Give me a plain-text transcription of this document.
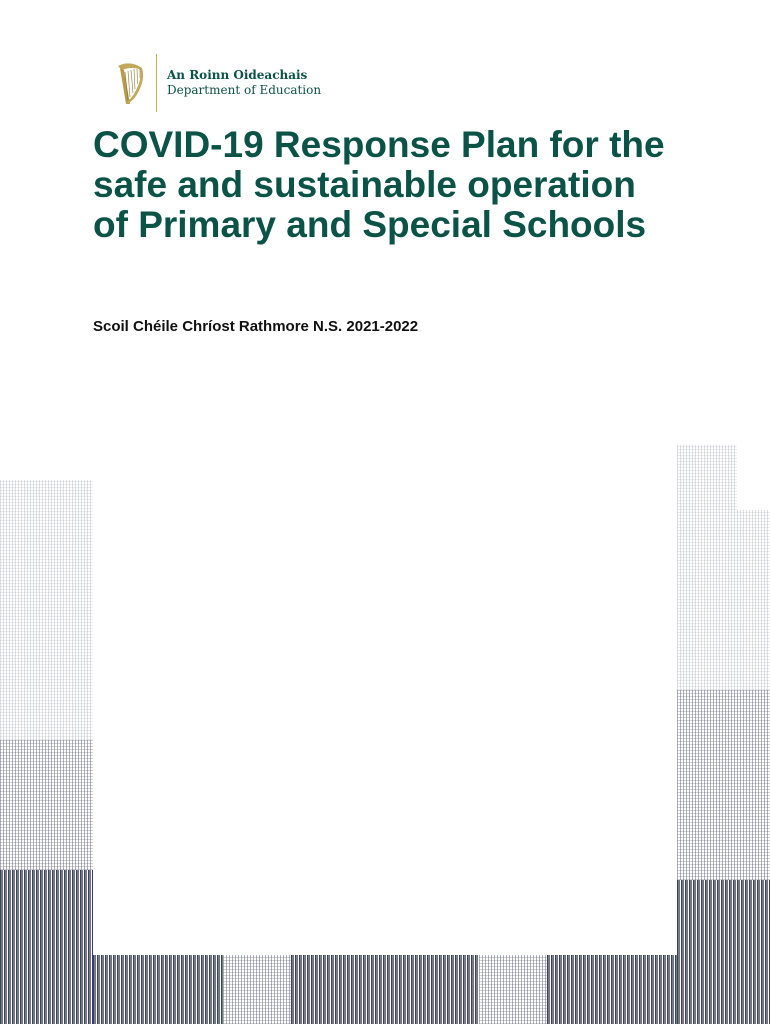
An Roinn Oideachais
Department of Education
COVID-19 Response Plan for the safe and sustainable operation of Primary and Special Schools

Scoil Chéile Chríost Rathmore N.S. 2021-2022
